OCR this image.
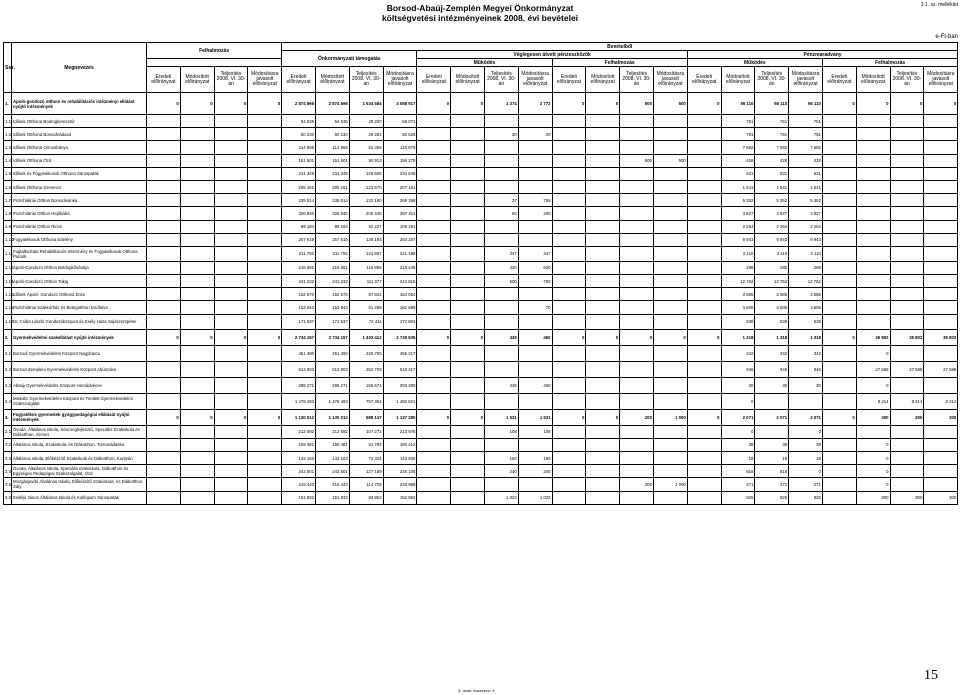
3.1. sz. melléklet
Borsod-Abaúj-Zemplén Megyei Önkormányzat
költségvetési intézményeinek 2008. évi bevételei
e-Ft-ban
Ssz.	Megnevezés	Felhalmozás				Bevételből																			
						Önkormányzati támogatás				Véglegesen átvett pénzeszközök								Pénzmaradvány							
										Működés				Felhalmozás				Működés				Felhalmozás			
		Eredeti előirányzat	Módosított előirányzat	Teljesítés 2008. VI. 30-án	Módosításra javasolt előirányzat	Eredeti előirányzat	Módosított előirányzat	Teljesítés 2008. VI. 30-án	Módosításra javasolt előirányzat	Eredeti előirányzat	Módosított előirányzat	Teljesítés 2008. VI. 30-án	Módosításra javasolt előirányzat	Eredeti előirányzat	Módosított előirányzat	Teljesítés 2008. VI. 30-án	Módosításra javasolt előirányzat	Eredeti előirányzat	Módosított előirányzat	Teljesítés 2008. VI. 30-án	Módosításra javasolt előirányzat	Eredeti előirányzat	Módosított előirányzat	Teljesítés 2008. VI. 30-án	Módosításra javasolt előirányzat
1.	Ápoló-gondozó otthoni és rehabilitációs intézményi ellátást nyújtó intézmények	0	0	0	0	2 874 666	2 874 666	1 534 584	3 058 917	0	0	1 374	2 772	0	0	500	500	0	56 110	56 110	56 110	0	0	0	0
1.1.	Idősek Otthona Bodrogkeresztúr					54 635	54 635	29 200	55 071										751	751	751				
1.2.	Idősek Otthona Borsodnádasd					50 230	50 230	26 281	50 626			20	20						791	791	791				
1.3.	Idősek Otthona Ormosbánya					114 869	114 869	52 368	115 679										7 692	7 692	7 692				
1.4.	Idősek Otthona Ózd					151 501	151 501	92 913	156 278							500	500		428	428	428				
1.5.	Idősek és Fogyatékosok Otthona Sárospatak					231 348	231 348	126 505	234 649										631	631	631				
1.6.	Idősek Otthona Szerencs					205 161	205 161	123 570	207 181										1 541	1 541	1 541				
1.7.	Pszichiátriai Otthon Borsodivánka					235 514	235 514	132 180	265 398			37	755						5 352	5 352	5 352				
1.8.	Pszichiátriai Otthon Hejőbába					326 840	326 840	206 445	397 312			50	200						3 827	3 827	3 827				
1.9.	Pszichiátriai Otthon Ricse					99 184	99 184	52 227	109 291										2 264	2 264	2 264				
1.10.	Fogyatékosok Otthona Edelény					257 619	257 619	128 184	283 257										9 943	9 943	9 943				
1.11.	Foglalkoztató Rehabilitációs Intézmény és Fogyatékosok Otthona Putnok					211 792	211 792	124 897	231 188			347	347						2 110	2 110	2 110				
1.12.	Ápoló-Gondozó Otthon Boldogkőváralja					216 691	216 691	116 896	218 245			420	630						288	288	288				
1.13.	Ápoló-Gondozó Otthon Tokaj					241 232	241 232	111 377	244 815			500	750						12 762	12 762	12 762				
1.14.	Idősek Ápoló- Gondozó Otthona Encs					152 670	152 670	87 841	154 054										3 585	3 585	3 585				
1.15.	Pszichiátriai Szakkórház és Betegotthon Izsófalva					153 843	153 843	51 259	162 889				70						3 606	3 606	3 606				
1.16.	Dr. Csiba László Gondozóközpont és Esély Háza Sajószentpéter					171 537	171 537	72 411	172 804										539	539	539				
2.	Gyermekvédelmi szakellátást nyújtó intézmények	0	0	0	0	2 734 157	2 734 157	1 402 412	2 749 535	0	0	445	460	0	0	0	0	0	1 318	1 318	1 318	0	35 802	35 802	35 802
2.1.	Borsodi Gyermekvédelmi Központ Nagybarca					451 490	451 490	225 765	455 217										342	342	342		0		
2.2.	Borsod-Zempléni Gyermekvédelmi Központ Abúszoka					513 903	513 903	262 709	518 417										946	946	946		27 588	27 588	27 588
2.3.	Abaúji Gyermekvédelmi Központ Hernádvécse					289 271	289 271	156 574	293 280			445	460						30	30	30		0		
2.4.	Miskolci Gyermekvédelmi Központ és Területi Gyermekvédelmi Szakszolgálat					1 479 493	1 479 493	757 364	1 482 621										0				8 214	8 214	8 214
3.	Fogyatékos gyermekek gyógypedagógiai ellátását nyújtó intézmények	0	0	0	0	1 130 012	1 130 012	588 147	1 137 280	0	0	1 531	1 531	0	0	200	1 000	0	2 071	2 071	2 071	0	300	300	300
3.1.	Óvoda, Általános Iskola, Készségfejlesztő, Speciális Szakiskola és Diákotthon, Girincs					212 592	212 592	107 272	213 976			108	108						0		0				
3.2.	Általános Iskola, Szakiskola, és Diákotthon, Tornanádaska					159 481	159 481	81 784	160 412										39	39	39		0		
3.3.	Általános Iskola, Előkészítő Szakiskola és Diákotthon, Kurityán					143 163	143 163	72 324	143 935			160	160						18	18	18		0		
3.4.	Óvoda, Általános Iskola, Speciális Szakiskola, Diákotthon és Egységes Pedagógiai Szakszolgálat, Ózd					243 501	243 501	127 189	245 105			240	240						818	818	0		0		
3.5.	Mozgásjavító Általános Iskola, Előkészítő Szakiskola, és Diákotthon, Sály					219 443	219 443	114 706	220 988							200	1 000		271	271	271		0		
3.6.	Erdélyi János Általános Iskola és Kollégium Sárospatak					151 832	151 832	84 862	152 862			1 023	1 023						925	925	925		300	300	300
15
3. oldal, összesen: 4
